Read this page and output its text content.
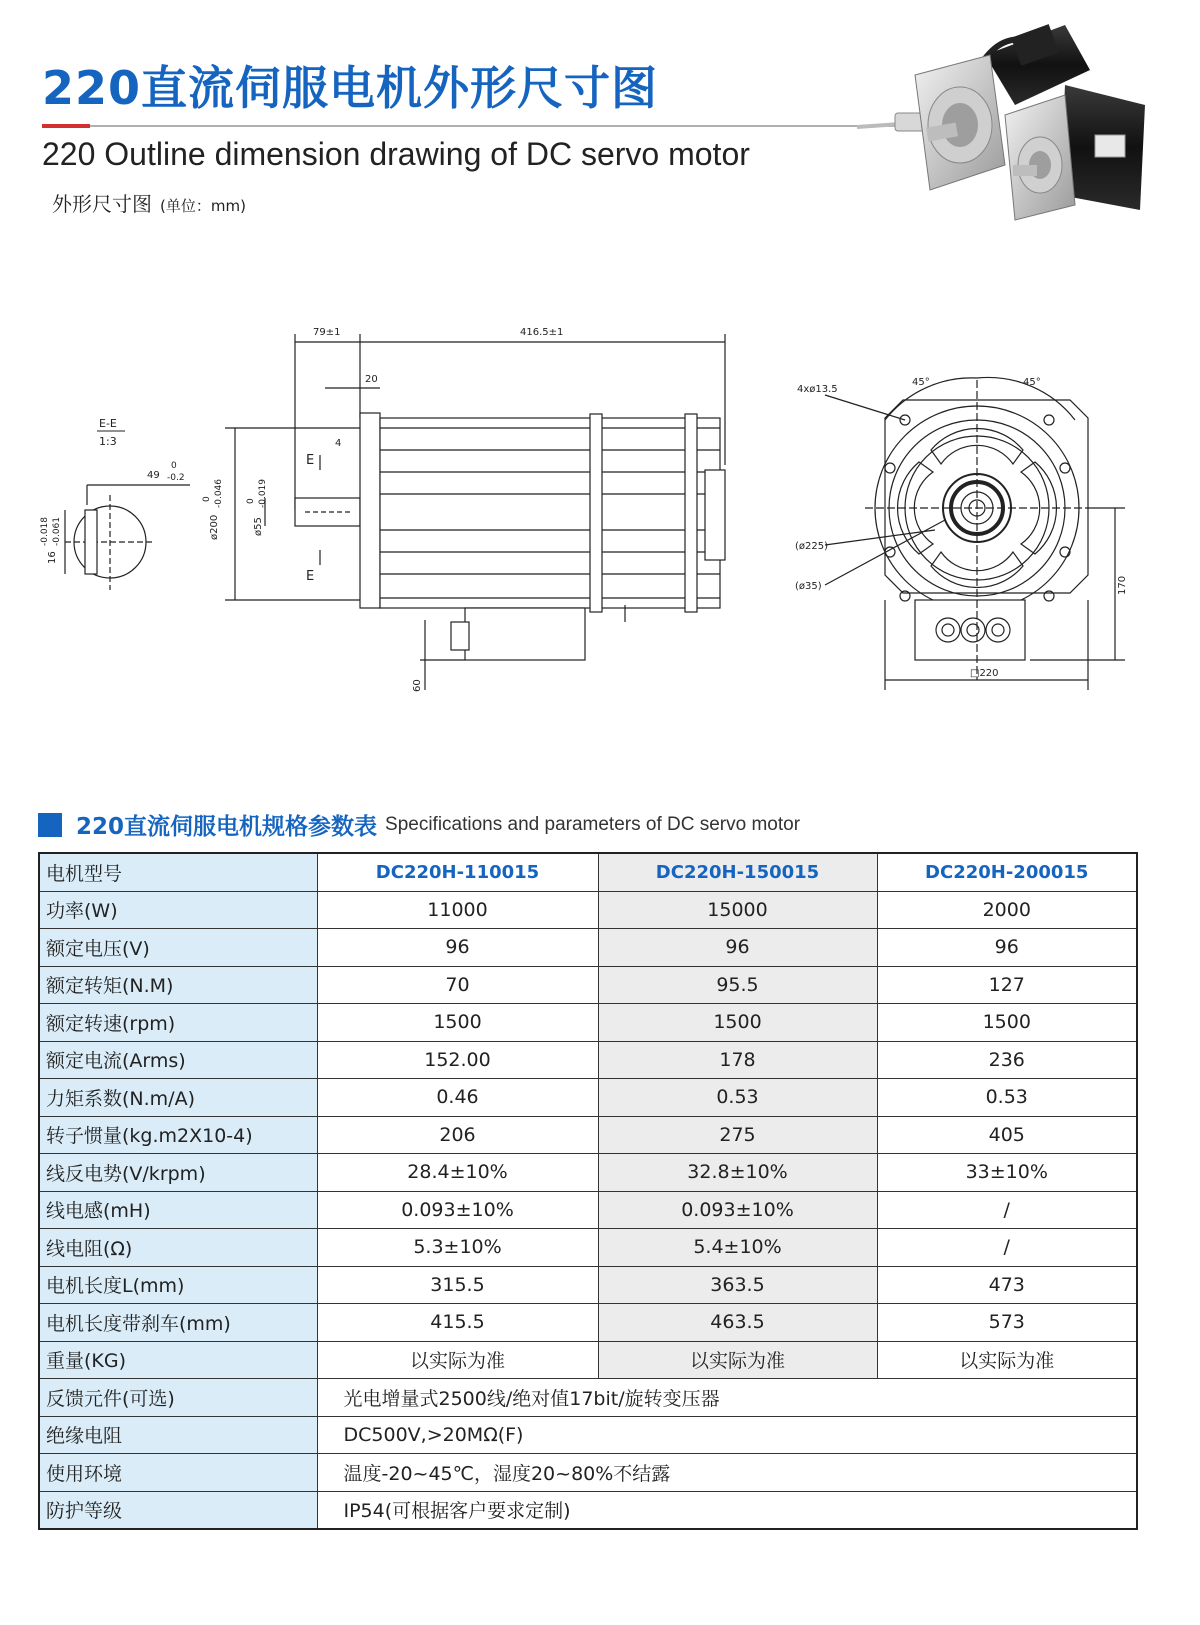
220直流伺服电机外形尺寸图
220 Outline dimension drawing of DC servo motor
外形尺寸图 (单位：mm)
E-E
1:3
49
0
-0.2
16
-0.018 -0.061
79±1	416.5±1
20
4
E
E
ø200
0 -0.046
ø55
0 -0.019
60
4xø13.5
45°	45°
(ø225)
(ø35)	170
□220
220直流伺服电机规格参数表 Specifications and parameters of DC servo motor
电机型号	DC220H-110015	DC220H-150015	DC220H-200015
功率(W)	11000	15000	2000
额定电压(V)	96	96	96
额定转矩(N.M)	70	95.5	127
额定转速(rpm)	1500	1500	1500
额定电流(Arms)	152.00	178	236
力矩系数(N.m/A)	0.46	0.53	0.53
转子惯量(kg.m2X10-4)	206	275	405
线反电势(V/krpm)	28.4±10%	32.8±10%	33±10%
线电感(mH)	0.093±10%	0.093±10%	/
线电阻(Ω)	5.3±10%	5.4±10%	/
电机长度L(mm)	315.5	363.5	473
电机长度带刹车(mm)	415.5	463.5	573
重量(KG)	以实际为准	以实际为准	以实际为准
反馈元件(可选)	光电增量式2500线/绝对值17bit/旋转变压器		
绝缘电阻	DC500V,>20MΩ(F)		
使用环境	温度-20~45℃，湿度20~80%不结露		
防护等级	IP54(可根据客户要求定制)		
